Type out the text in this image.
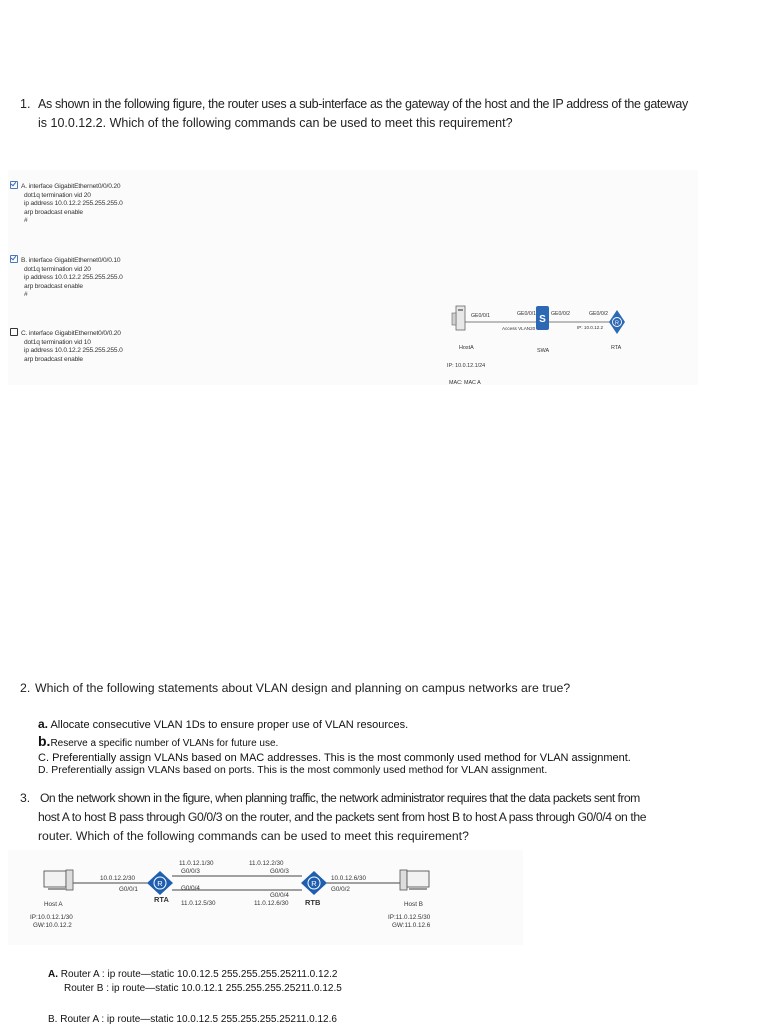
1. As shown in the following figure, the router uses a sub-interface as the gateway of the host and the IP address of the gateway
is 10.0.12.2. Which of the following commands can be used to meet this requirement?
A. interface GigabitEthernet0/0/0.20
dot1q termination vid 20
ip address 10.0.12.2 255.255.255.0
arp broadcast enable
#
B. interface GigabitEthernet0/0/0.10
dot1q termination vid 20
ip address 10.0.12.2 255.255.255.0
arp broadcast enable
#
C. interface GigabitEthernet0/0/0.20
dot1q termination vid 10
ip address 10.0.12.2 255.255.255.0
arp broadcast enable
S	R
GE0/0/1	GE0/0/1	GE0/0/2	GE0/0/2
Access VLAN20	IP: 10.0.12.2
HostA
IP: 10.0.12.1/24
MAC: MAC A
SWA	RTA
2. Which of the following statements about VLAN design and planning on campus networks are true?
a. Allocate consecutive VLAN 1Ds to ensure proper use of VLAN resources.
b.Reserve a specific number of VLANs for future use.
C. Preferentially assign VLANs based on MAC addresses. This is the most commonly used method for VLAN assignment.
D. Preferentially assign VLANs based on ports. This is the most commonly used method for VLAN assignment.
3. On the network shown in the figure, when planning traffic, the network administrator requires that the data packets sent from
host A to host B pass through G0/0/3 on the router, and the packets sent from host B to host A pass through G0/0/4 on the
router. Which of the following commands can be used to meet this requirement?
R	R
10.0.12.2/30
G0/0/1
11.0.12.1/30
G0/0/3
G0/0/4
RTA 11.0.12.5/30
11.0.12.2/30
G0/0/3
G0/0/4
11.0.12.6/30 RTB
10.0.12.6/30
G0/0/2
Host A
IP:10.0.12.1/30
GW:10.0.12.2
Host B
IP:11.0.12.5/30
GW:11.0.12.6
A. Router A : ip route—static 10.0.12.5 255.255.255.25211.0.12.2
Router B : ip route—static 10.0.12.1 255.255.255.25211.0.12.5
B. Router A : ip route—static 10.0.12.5 255.255.255.25211.0.12.6
